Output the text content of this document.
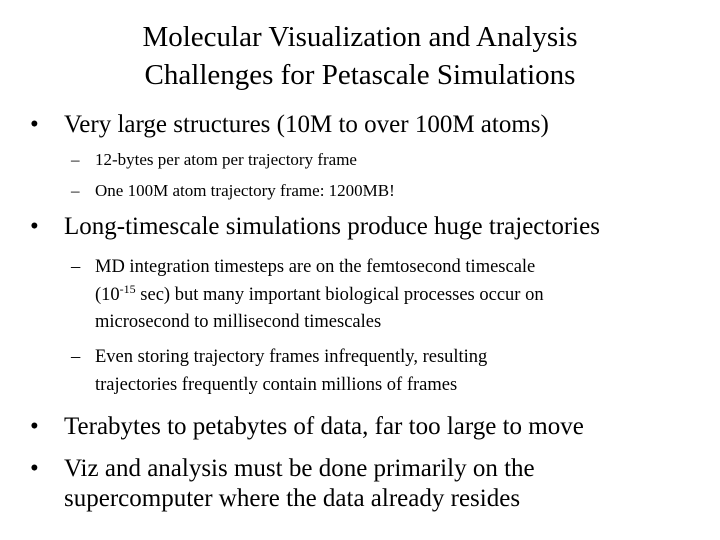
Molecular Visualization and Analysis
Challenges for Petascale Simulations
• Very large structures (10M to over 100M atoms)
– 12-bytes per atom per trajectory frame
– One 100M atom trajectory frame: 1200MB!
• Long-timescale simulations produce huge trajectories
– MD integration timesteps are on the femtosecond timescale
($10^{-15}$ sec) but many important biological processes occur on
microsecond to millisecond timescales
– Even storing trajectory frames infrequently, resulting
trajectories frequently contain millions of frames
• Terabytes to petabytes of data, far too large to move
• Viz and analysis must be done primarily on the
supercomputer where the data already resides
